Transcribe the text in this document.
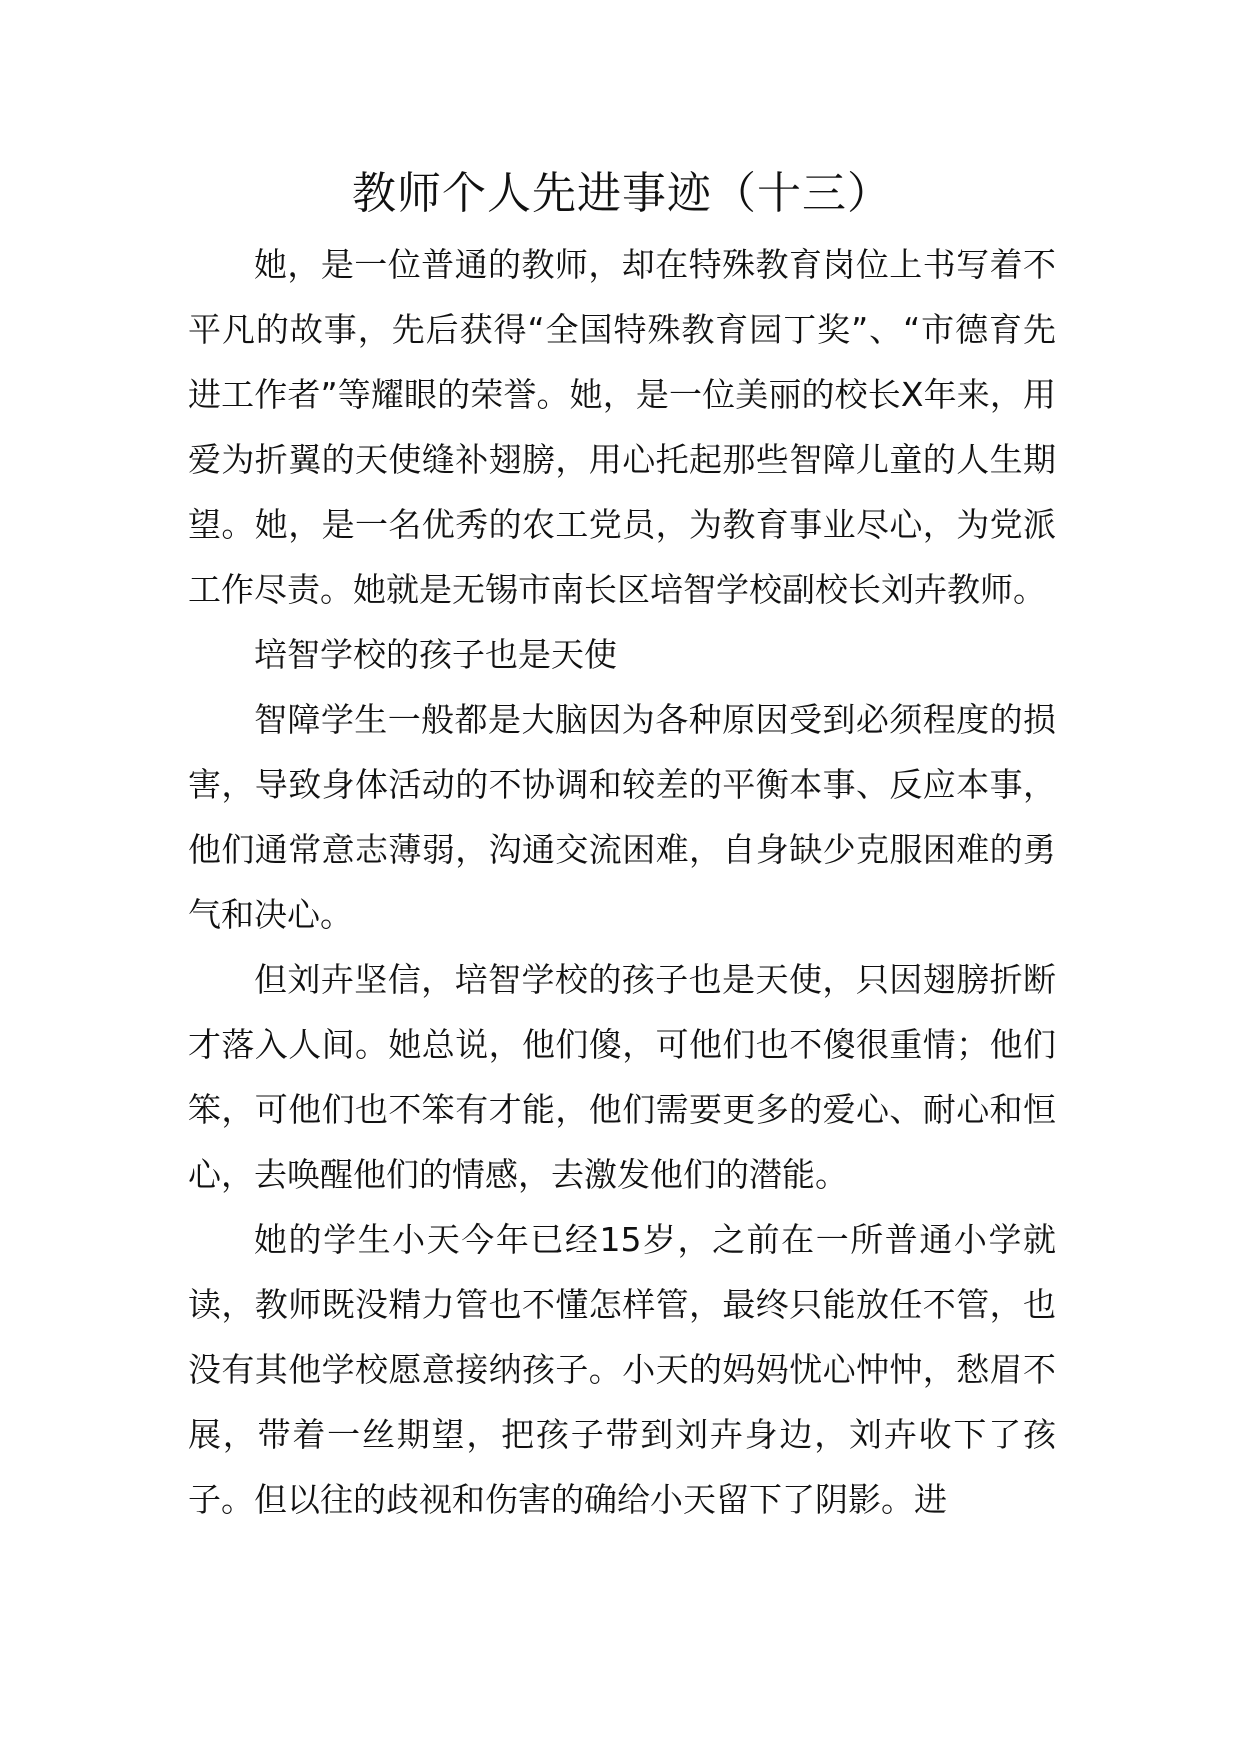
教师个人先进事迹（十三）

她，是一位普通的教师，却在特殊教育岗位上书写着不平凡的故事，先后获得“全国特殊教育园丁奖”、“市德育先进工作者”等耀眼的荣誉。她，是一位美丽的校长X年来，用爱为折翼的天使缝补翅膀，用心托起那些智障儿童的人生期望。她，是一名优秀的农工党员，为教育事业尽心，为党派工作尽责。她就是无锡市南长区培智学校副校长刘卉教师。

培智学校的孩子也是天使

智障学生一般都是大脑因为各种原因受到必须程度的损害，导致身体活动的不协调和较差的平衡本事、反应本事，他们通常意志薄弱，沟通交流困难，自身缺少克服困难的勇气和决心。

但刘卉坚信，培智学校的孩子也是天使，只因翅膀折断才落入人间。她总说，他们傻，可他们也不傻很重情；他们笨，可他们也不笨有才能，他们需要更多的爱心、耐心和恒心，去唤醒他们的情感，去激发他们的潜能。

她的学生小天今年已经15岁，之前在一所普通小学就读，教师既没精力管也不懂怎样管，最终只能放任不管，也没有其他学校愿意接纳孩子。小天的妈妈忧心忡忡，愁眉不展，带着一丝期望，把孩子带到刘卉身边，刘卉收下了孩子。但以往的歧视和伤害的确给小天留下了阴影。进
